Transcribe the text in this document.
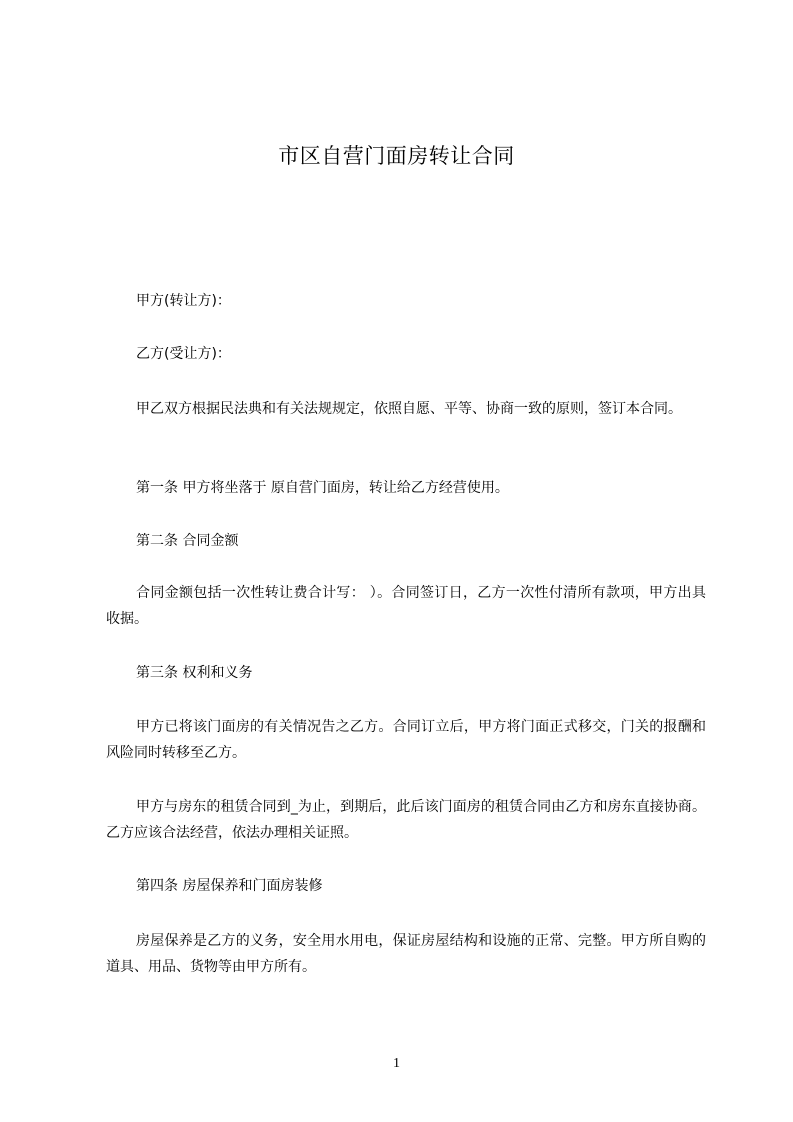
市区自营门面房转让合同

甲方(转让方)：

乙方(受让方)：

甲乙双方根据民法典和有关法规规定，依照自愿、平等、协商一致的原则，签订本合同。

第一条 甲方将坐落于 原自营门面房，转让给乙方经营使用。

第二条 合同金额

合同金额包括一次性转让费合计写： ）。合同签订日，乙方一次性付清所有款项，甲方出具收据。

第三条 权利和义务

甲方已将该门面房的有关情况告之乙方。合同订立后，甲方将门面正式移交，门关的报酬和风险同时转移至乙方。

甲方与房东的租赁合同到_为止，到期后，此后该门面房的租赁合同由乙方和房东直接协商。 乙方应该合法经营，依法办理相关证照。

第四条 房屋保养和门面房装修

房屋保养是乙方的义务，安全用水用电，保证房屋结构和设施的正常、完整。甲方所自购的道具、用品、货物等由甲方所有。

1
